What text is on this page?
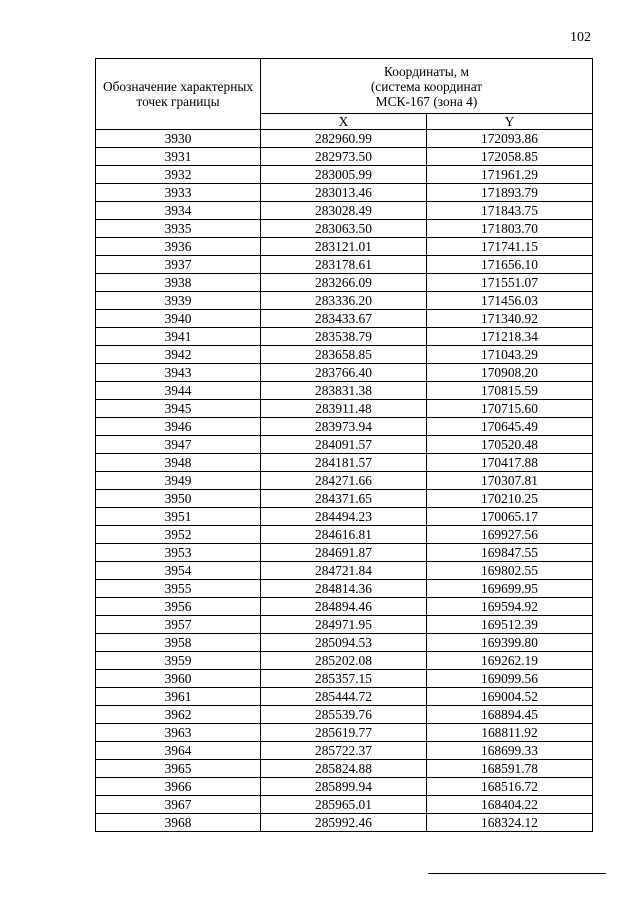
102
Обозначение характерных точек границы	Координаты, м
(система координат
МСК-167 (зона 4)	

	X	Y
3930	282960.99	172093.86
3931	282973.50	172058.85
3932	283005.99	171961.29
3933	283013.46	171893.79
3934	283028.49	171843.75
3935	283063.50	171803.70
3936	283121.01	171741.15
3937	283178.61	171656.10
3938	283266.09	171551.07
3939	283336.20	171456.03
3940	283433.67	171340.92
3941	283538.79	171218.34
3942	283658.85	171043.29
3943	283766.40	170908.20
3944	283831.38	170815.59
3945	283911.48	170715.60
3946	283973.94	170645.49
3947	284091.57	170520.48
3948	284181.57	170417.88
3949	284271.66	170307.81
3950	284371.65	170210.25
3951	284494.23	170065.17
3952	284616.81	169927.56
3953	284691.87	169847.55
3954	284721.84	169802.55
3955	284814.36	169699.95
3956	284894.46	169594.92
3957	284971.95	169512.39
3958	285094.53	169399.80
3959	285202.08	169262.19
3960	285357.15	169099.56
3961	285444.72	169004.52
3962	285539.76	168894.45
3963	285619.77	168811.92
3964	285722.37	168699.33
3965	285824.88	168591.78
3966	285899.94	168516.72
3967	285965.01	168404.22
3968	285992.46	168324.12
